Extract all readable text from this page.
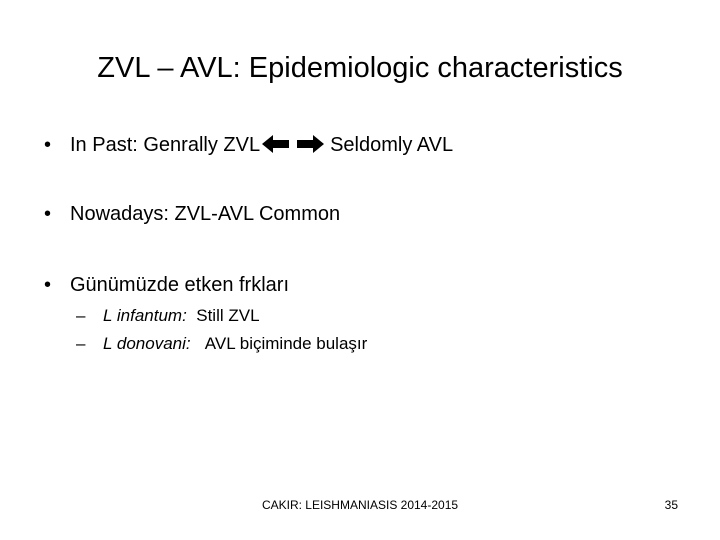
ZVL – AVL: Epidemiologic characteristics
• In Past: Genrally ZVL	Seldomly AVL
• Nowadays: ZVL-AVL Common
• Günümüzde etken frkları
– L infantum: Still ZVL
– L donovani: AVL biçiminde bulaşır
CAKIR: LEISHMANIASIS 2014-2015	35
